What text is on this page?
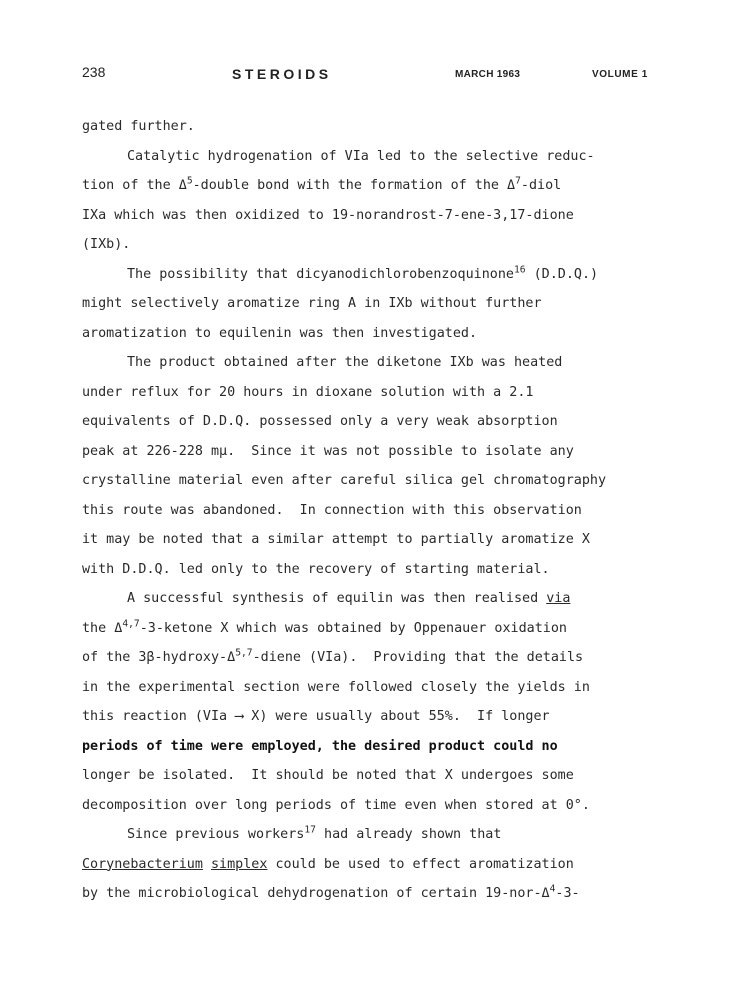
238	STEROIDS	MARCH 1963	VOLUME 1
gated further.
Catalytic hydrogenation of VIa led to the selective reduc-
tion of the $\Delta^5$-double bond with the formation of the $\Delta^7$-diol
IXa which was then oxidized to 19-norandrost-7-ene-3,17-dione
(IXb).
The possibility that dicyanodichlorobenzoquinone$^{16}$ (D.D.Q.)
might selectively aromatize ring A in IXb without further
aromatization to equilenin was then investigated.
The product obtained after the diketone IXb was heated
under reflux for 20 hours in dioxane solution with a 2.1
equivalents of D.D.Q. possessed only a very weak absorption
peak at 226-228 mμ.  Since it was not possible to isolate any
crystalline material even after careful silica gel chromatography
this route was abandoned.  In connection with this observation
it may be noted that a similar attempt to partially aromatize X
with D.D.Q. led only to the recovery of starting material.
A successful synthesis of equilin was then realised via
the Δ$^{4,7}$-3-ketone X which was obtained by Oppenauer oxidation
of the $3\beta-hydroxy-\Delta^{5,7}$-diene (VIa).  Providing that the details
in the experimental section were followed closely the yields in
this reaction (VIa ⟶ X) were usually about 55%.  If longer
periods of time were employed, the desired product could no
longer be isolated.  It should be noted that X undergoes some
decomposition over long periods of time even when stored at 0°.
Since previous workers$^{17}$ had already shown that
Corynebacterium simplex could be used to effect aromatization
by the microbiological dehydrogenation of certain $19-nor-\Delta^4-3-$
